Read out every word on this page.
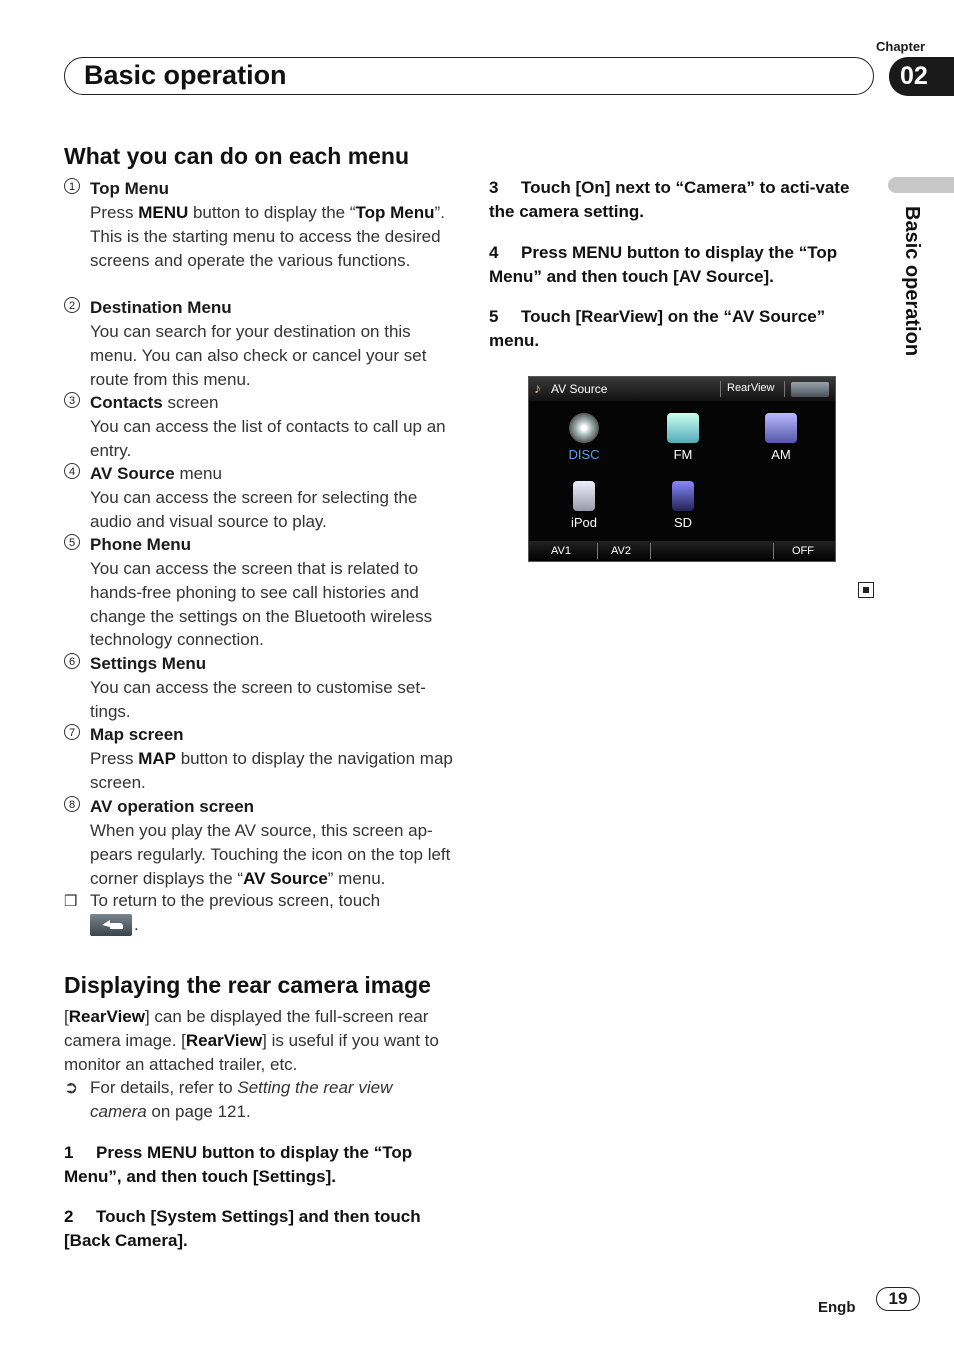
Chapter
Basic operation	02
Basic operation
What you can do on each menu
1 Top Menu
Press MENU button to display the “Top Menu”.
This is the starting menu to access the desired screens and operate the various functions.
2 Destination Menu
You can search for your destination on this menu. You can also check or cancel your set route from this menu.
3 Contacts screen
You can access the list of contacts to call up an entry.
4 AV Source menu
You can access the screen for selecting the audio and visual source to play.
5 Phone Menu
You can access the screen that is related to hands-free phoning to see call histories and change the settings on the Bluetooth wireless technology connection.
6 Settings Menu
You can access the screen to customise set-tings.
7 Map screen
Press MAP button to display the navigation map screen.
8 AV operation screen
When you play the AV source, this screen ap-pears regularly. Touching the icon on the top left corner displays the “AV Source” menu.
❒ To return to the previous screen, touch
.
Displaying the rear camera image
[RearView] can be displayed the full-screen rear camera image. [RearView] is useful if you want to monitor an attached trailer, etc.
➲ For details, refer to Setting the rear view camera on page 121.
1 Press MENU button to display the “Top Menu”, and then touch [Settings].
2 Touch [System Settings] and then touch [Back Camera].
3 Touch [On] next to “Camera” to acti-vate the camera setting.
4 Press MENU button to display the “Top Menu” and then touch [AV Source].
5 Touch [RearView] on the “AV Source” menu.
♪ AV Source	RearView
DISC	FM	AM
iPod	SD
AV1	AV2	OFF
Engb	19
